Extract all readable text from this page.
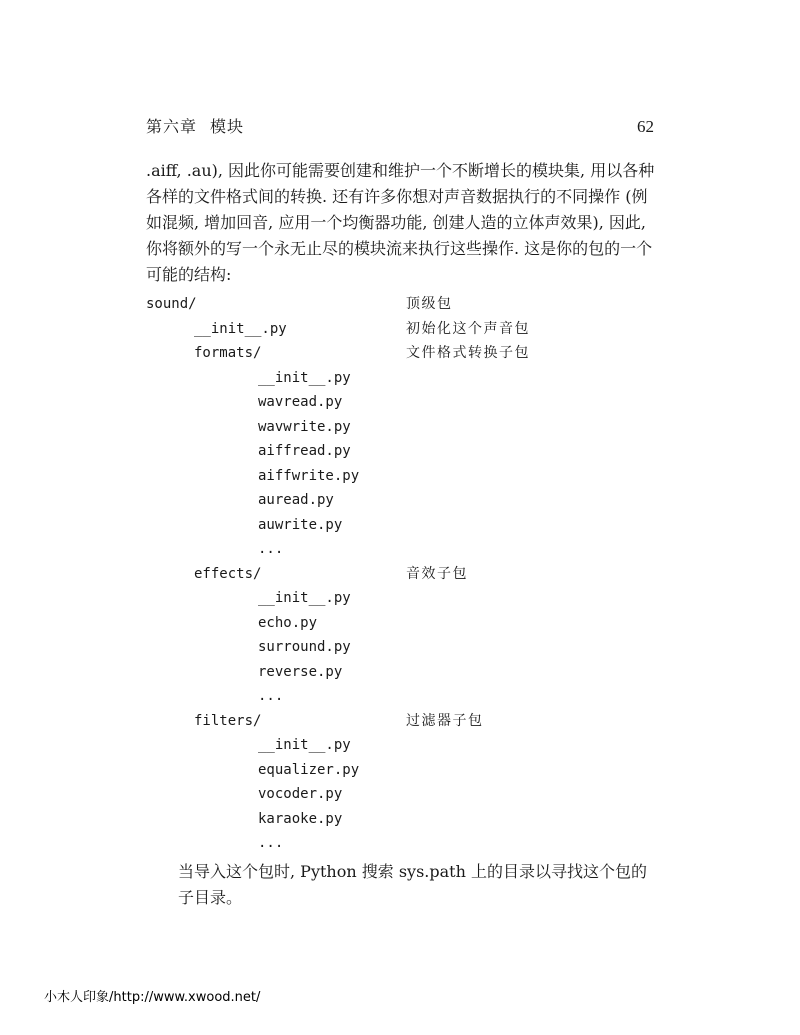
第六章 模块	62

.aiff, .au), 因此你可能需要创建和维护一个不断增长的模块集, 用以各种各样的文件格式间的转换. 还有许多你想对声音数据执行的不同操作 (例如混频, 增加回音, 应用一个均衡器功能, 创建人造的立体声效果), 因此, 你将额外的写一个永无止尽的模块流来执行这些操作. 这是你的包的一个可能的结构:

sound/	顶级包
__init__.py	初始化这个声音包
formats/	文件格式转换子包
__init__.py
wavread.py
wavwrite.py
aiffread.py
aiffwrite.py
auread.py
auwrite.py
...
effects/	音效子包
__init__.py
echo.py
surround.py
reverse.py
...
filters/	过滤器子包
__init__.py
equalizer.py
vocoder.py
karaoke.py
...

当导入这个包时, Python 搜索 sys.path 上的目录以寻找这个包的子目录。

小木人印象/http://www.xwood.net/
